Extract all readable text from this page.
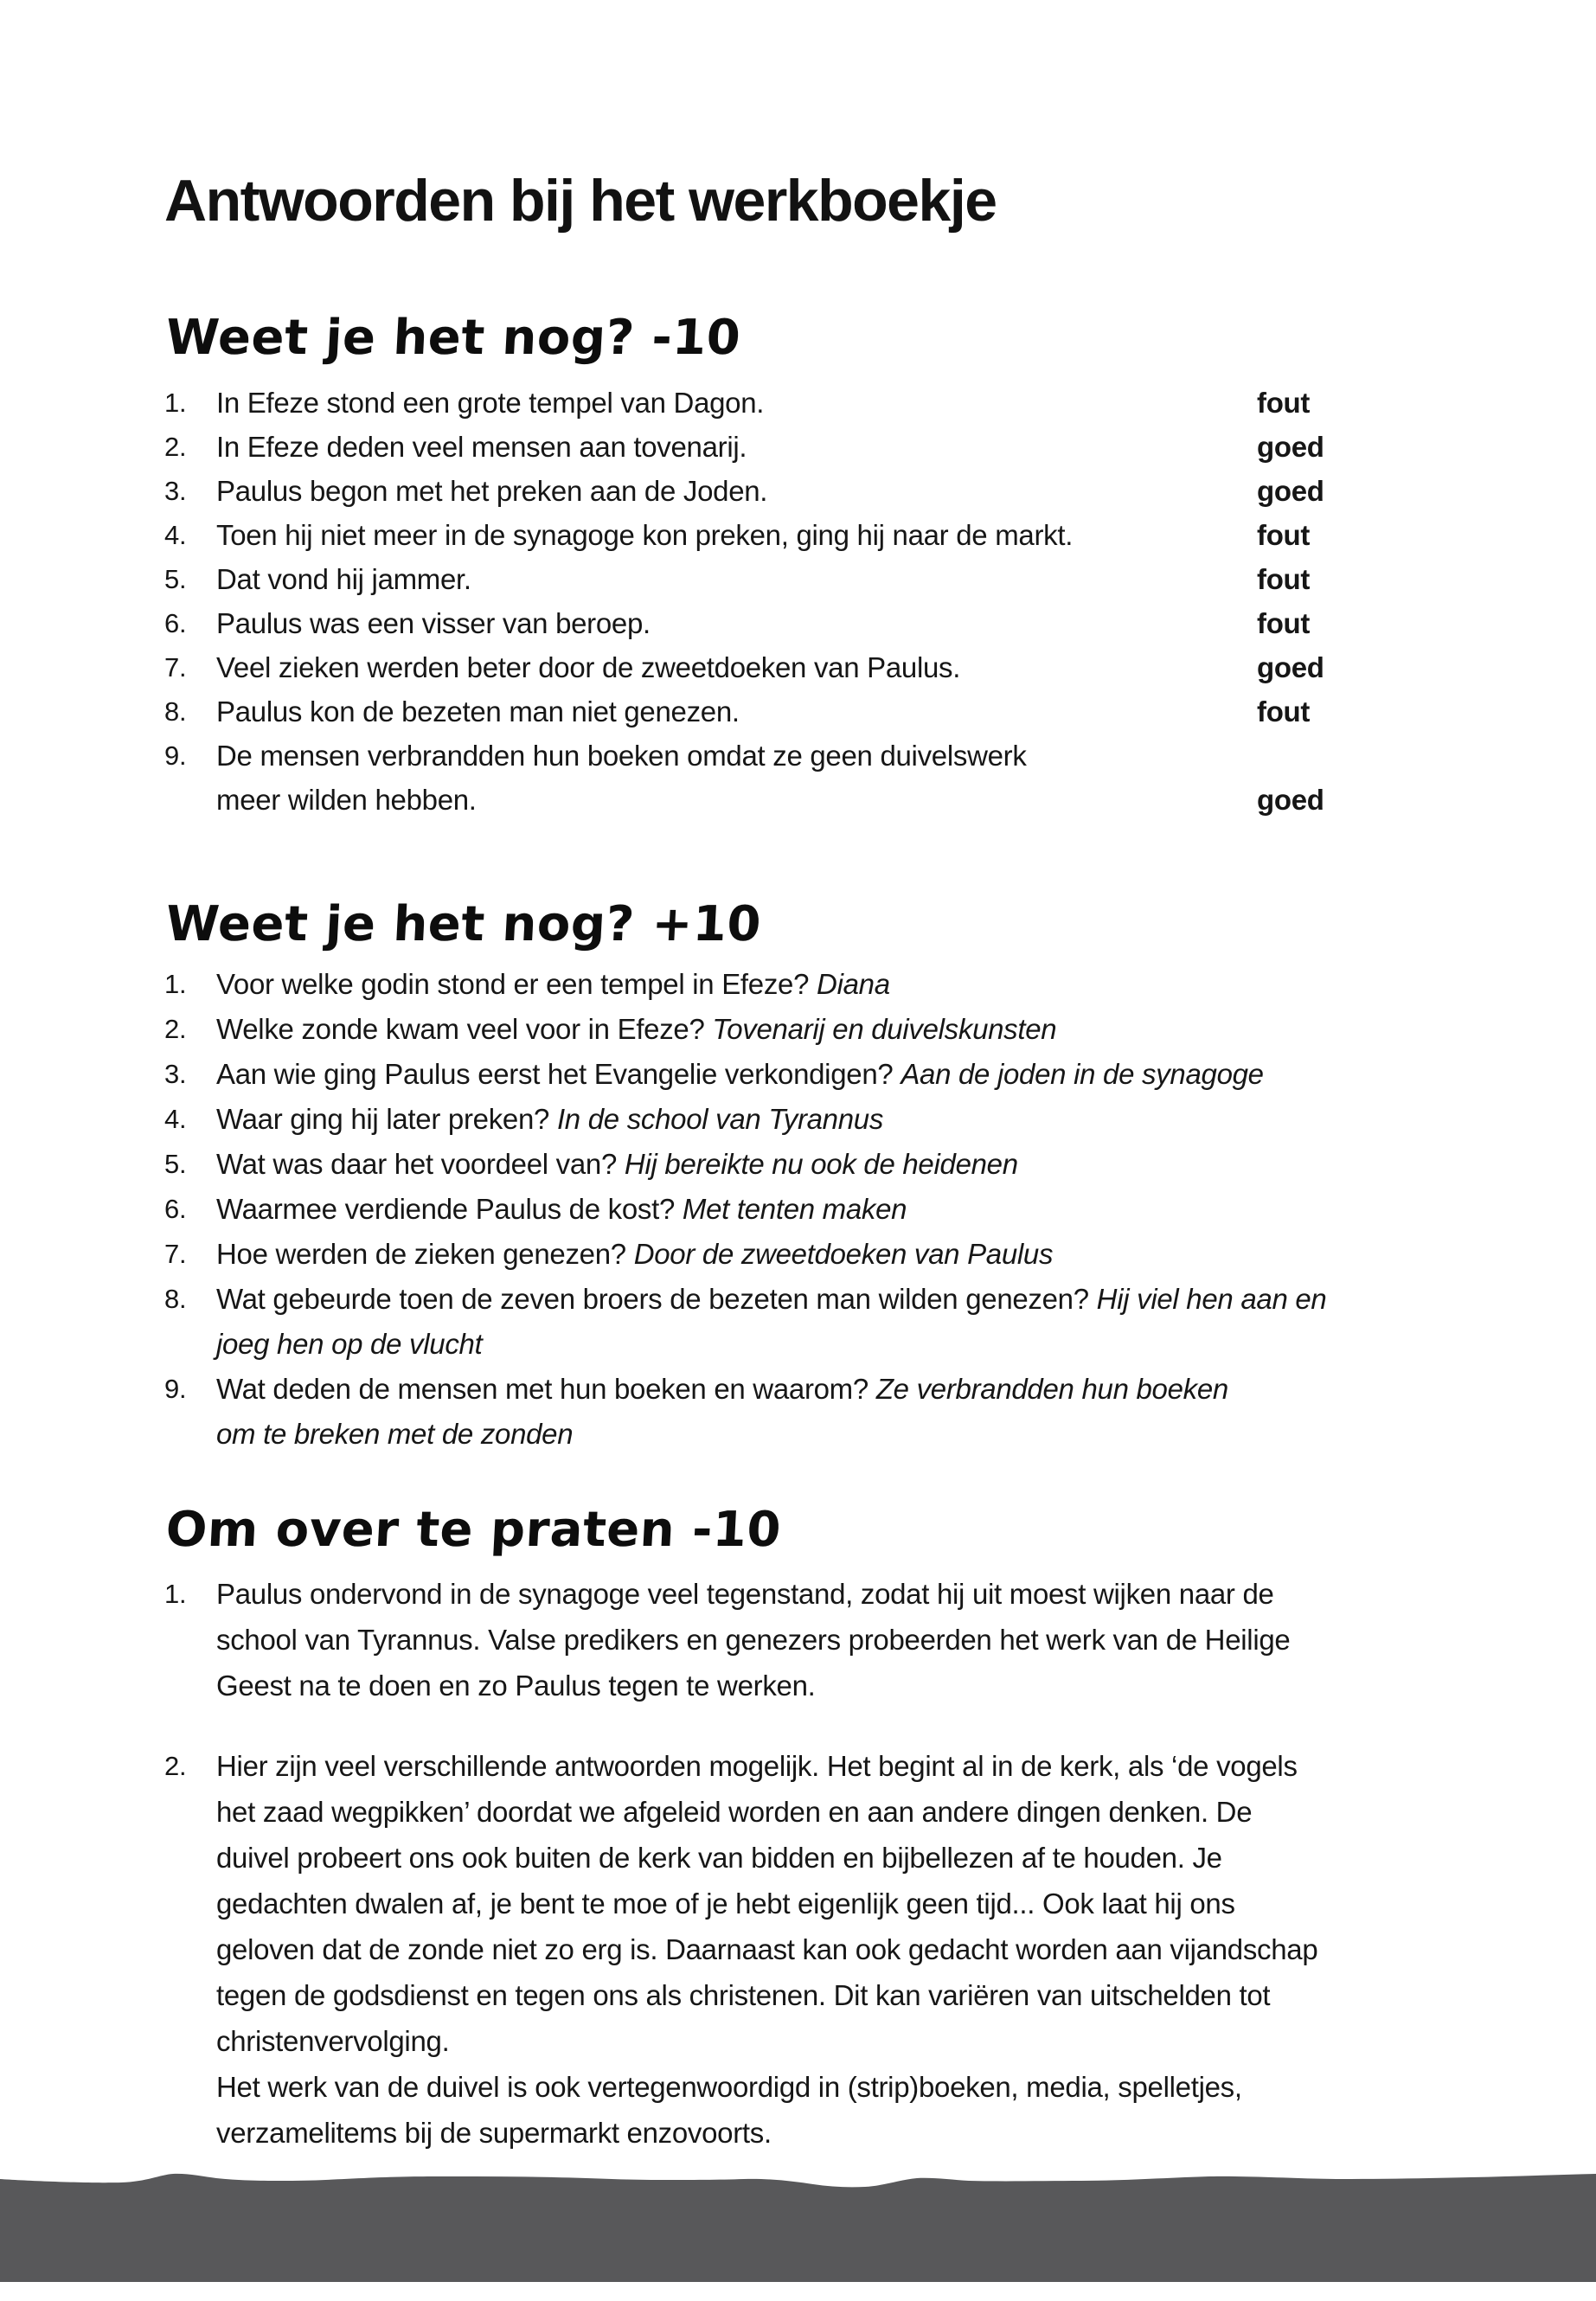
Antwoorden bij het werkboekje
Weet je het nog? -10
1.	In Efeze stond een grote tempel van Dagon.	fout
2.	In Efeze deden veel mensen aan tovenarij.	goed
3.	Paulus begon met het preken aan de Joden.	goed
4.	Toen hij niet meer in de synagoge kon preken, ging hij naar de markt.	fout
5.	Dat vond hij jammer.	fout
6.	Paulus was een visser van beroep.	fout
7.	Veel zieken werden beter door de zweetdoeken van Paulus.	goed
8.	Paulus kon de bezeten man niet genezen.	fout
9.	De mensen verbrandden hun boeken omdat ze geen duivelswerk meer wilden hebben.	goed
Weet je het nog? +10
1.	Voor welke godin stond er een tempel in Efeze? Diana
2.	Welke zonde kwam veel voor in Efeze? Tovenarij en duivelskunsten
3.	Aan wie ging Paulus eerst het Evangelie verkondigen? Aan de joden in de synagoge
4.	Waar ging hij later preken? In de school van Tyrannus
5.	Wat was daar het voordeel van? Hij bereikte nu ook de heidenen
6.	Waarmee verdiende Paulus de kost? Met tenten maken
7.	Hoe werden de zieken genezen? Door de zweetdoeken van Paulus
8.	Wat gebeurde toen de zeven broers de bezeten man wilden genezen? Hij viel hen aan en joeg hen op de vlucht
9.	Wat deden de mensen met hun boeken en waarom? Ze verbrandden hun boeken om te breken met de zonden
Om over te praten -10
1.	Paulus ondervond in de synagoge veel tegenstand, zodat hij uit moest wijken naar de school van Tyrannus. Valse predikers en genezers probeerden het werk van de Heilige Geest na te doen en zo Paulus tegen te werken.
2.	Hier zijn veel verschillende antwoorden mogelijk. Het begint al in de kerk, als ‘de vogels het zaad wegpikken’ doordat we afgeleid worden en aan andere dingen denken. De duivel probeert ons ook buiten de kerk van bidden en bijbellezen af te houden. Je gedachten dwalen af, je bent te moe of je hebt eigenlijk geen tijd... Ook laat hij ons geloven dat de zonde niet zo erg is. Daarnaast kan ook gedacht worden aan vijandschap tegen de godsdienst en tegen ons als christenen. Dit kan variëren van uitschelden tot christenvervolging.
Het werk van de duivel is ook vertegenwoordigd in (strip)boeken, media, spelletjes, verzamelitems bij de supermarkt enzovoorts.
